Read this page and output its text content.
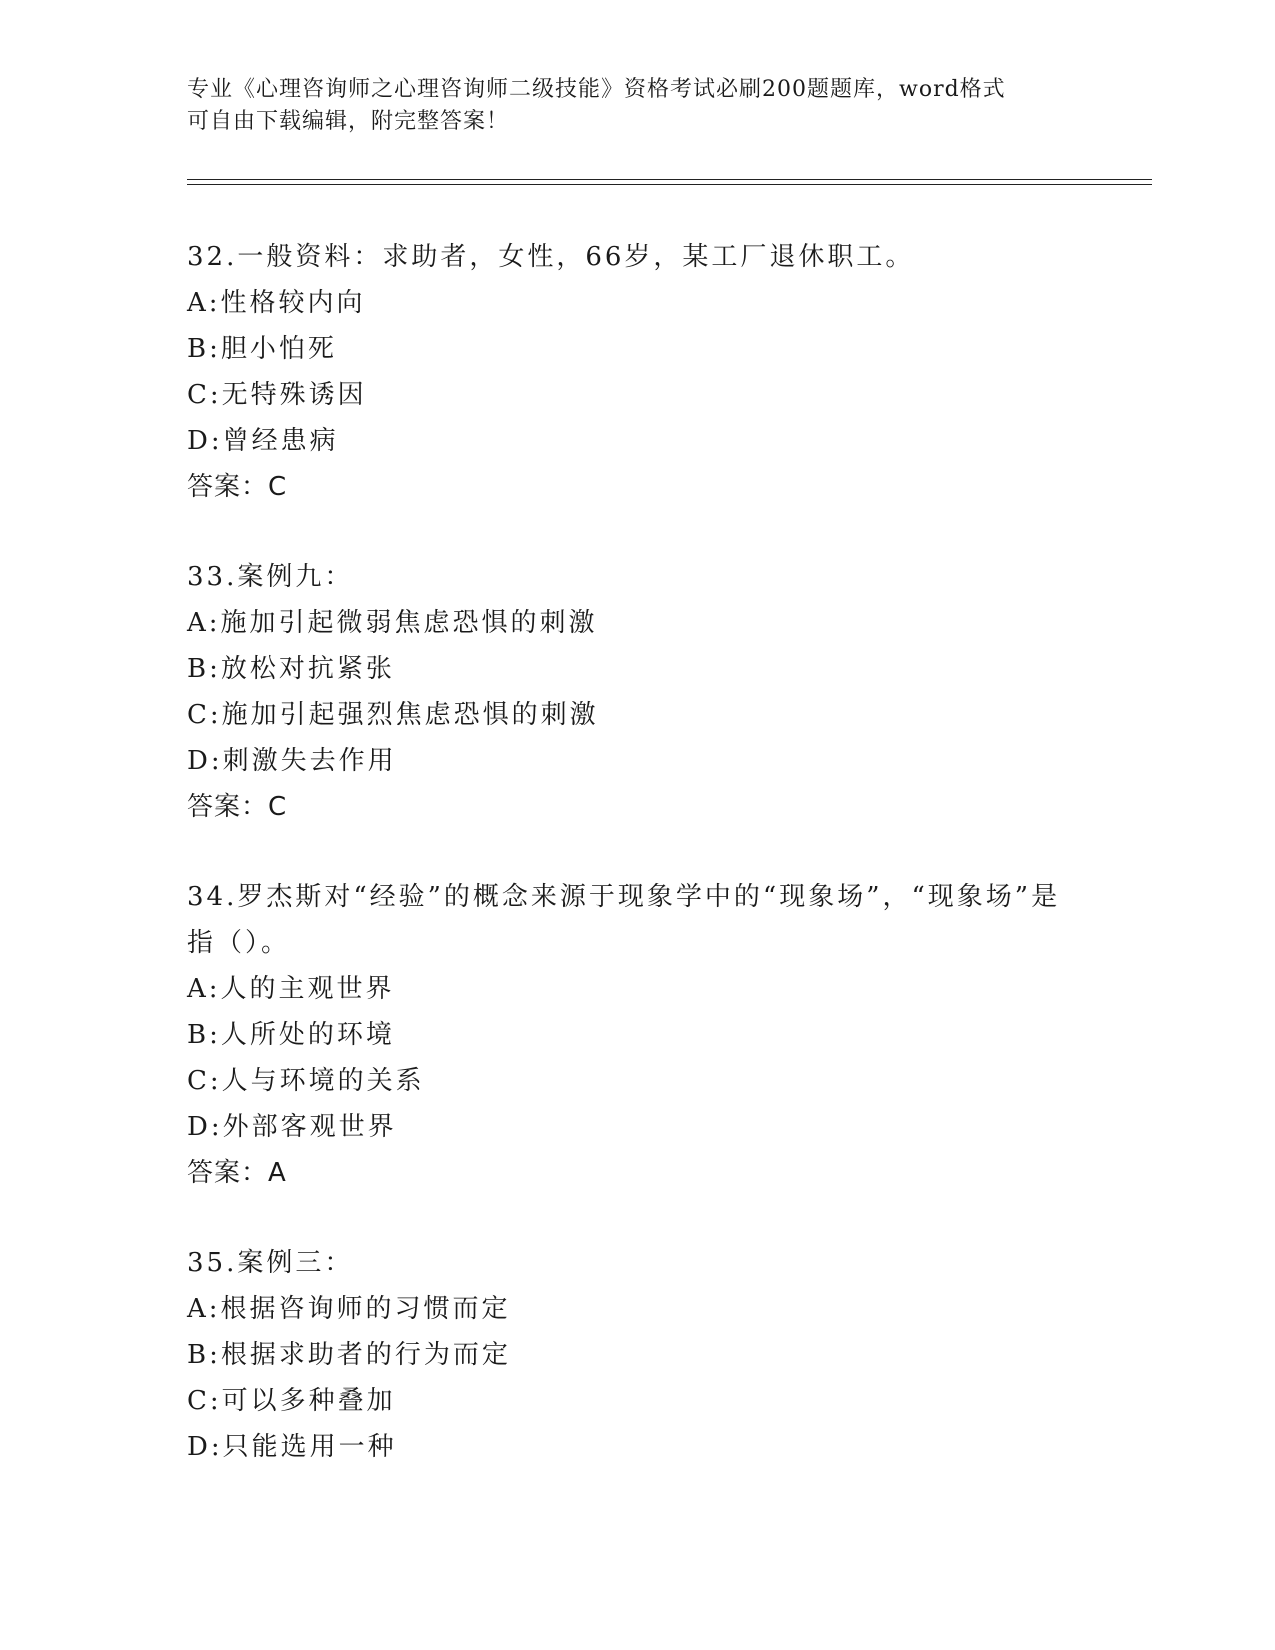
专业《心理咨询师之心理咨询师二级技能》资格考试必刷200题题库，word格式
可自由下载编辑，附完整答案！

32.一般资料：求助者，女性，66岁，某工厂退休职工。

A:性格较内向

B:胆小怕死

C:无特殊诱因

D:曾经患病

答案：C

33.案例九：

A:施加引起微弱焦虑恐惧的刺激

B:放松对抗紧张

C:施加引起强烈焦虑恐惧的刺激

D:刺激失去作用

答案：C

34.罗杰斯对“经验”的概念来源于现象学中的“现象场”，“现象场”是指（）。

A:人的主观世界

B:人所处的环境

C:人与环境的关系

D:外部客观世界

答案：A

35.案例三：

A:根据咨询师的习惯而定

B:根据求助者的行为而定

C:可以多种叠加

D:只能选用一种
